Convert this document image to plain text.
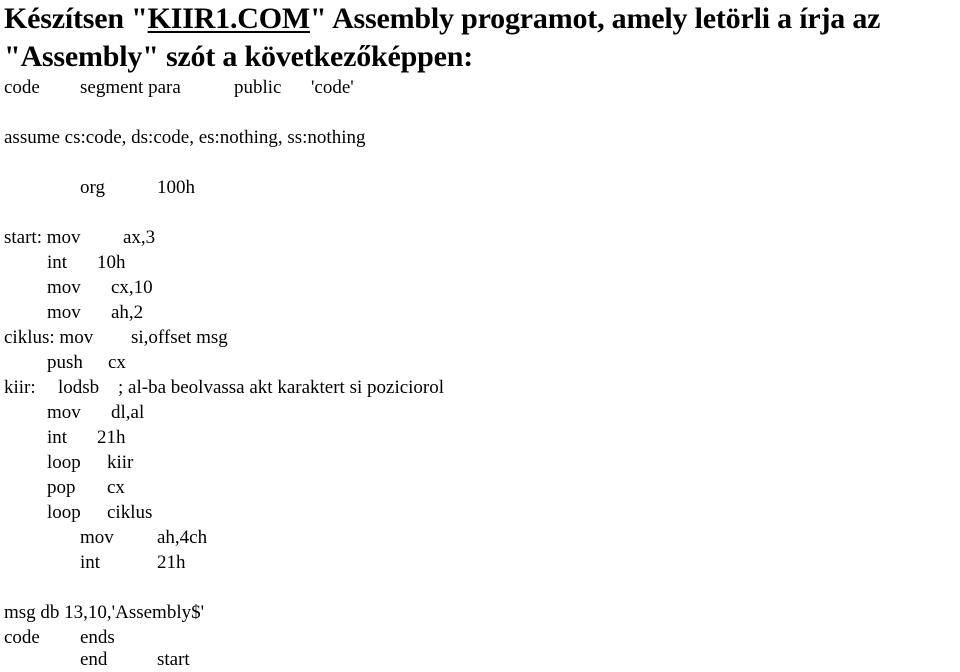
Készítsen "KIIR1.COM" Assembly programot, amely letörli a írja az "Assembly" szót a következőképpen:
code segment para	public 'code'
assume cs:code, ds:code, es:nothing, ss:nothing
org	100h
start: mov ax,3
int 10h
mov cx,10
mov ah,2
ciklus: mov si,offset msg
push cx
kiir: lodsb ; al-ba beolvassa akt karaktert si poziciorol
mov dl,al
int 21h
loop kiir
pop cx
loop ciklus
mov ah,4ch
int	21h
msg db 13,10,'Assembly$'
code ends
end	start
